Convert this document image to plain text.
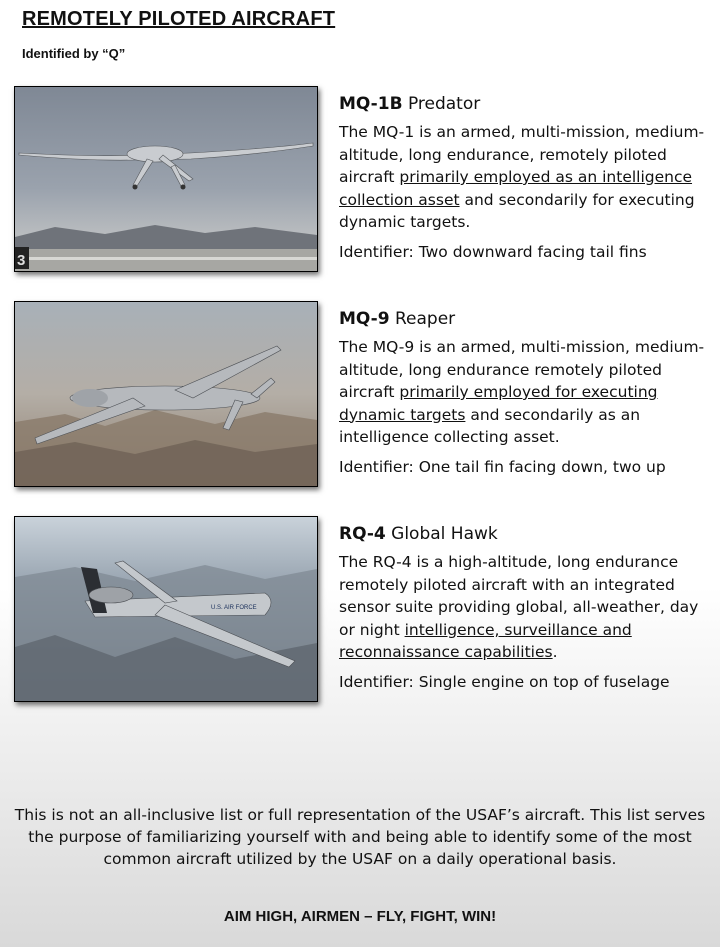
REMOTELY PILOTED AIRCRAFT
Identified by “Q”
3
MQ-1B Predator

The MQ-1 is an armed, multi-mission, medium-altitude, long endurance, remotely piloted aircraft primarily employed as an intelligence collection asset and secondarily for executing dynamic targets.

Identifier: Two downward facing tail fins
MQ-9 Reaper

The MQ-9 is an armed, multi-mission, medium-altitude, long endurance remotely piloted aircraft primarily employed for executing dynamic targets and secondarily as an intelligence collecting asset.

Identifier: One tail fin facing down, two up
U.S. AIR FORCE
RQ-4 Global Hawk

The RQ-4 is a high-altitude, long endurance remotely piloted aircraft with an integrated sensor suite providing global, all-weather, day or night intelligence, surveillance and reconnaissance capabilities.

Identifier: Single engine on top of fuselage
This is not an all-inclusive list or full representation of the USAF’s aircraft. This list serves the purpose of familiarizing yourself with and being able to identify some of the most common aircraft utilized by the USAF on a daily operational basis.
AIM HIGH, AIRMEN – FLY, FIGHT, WIN!
